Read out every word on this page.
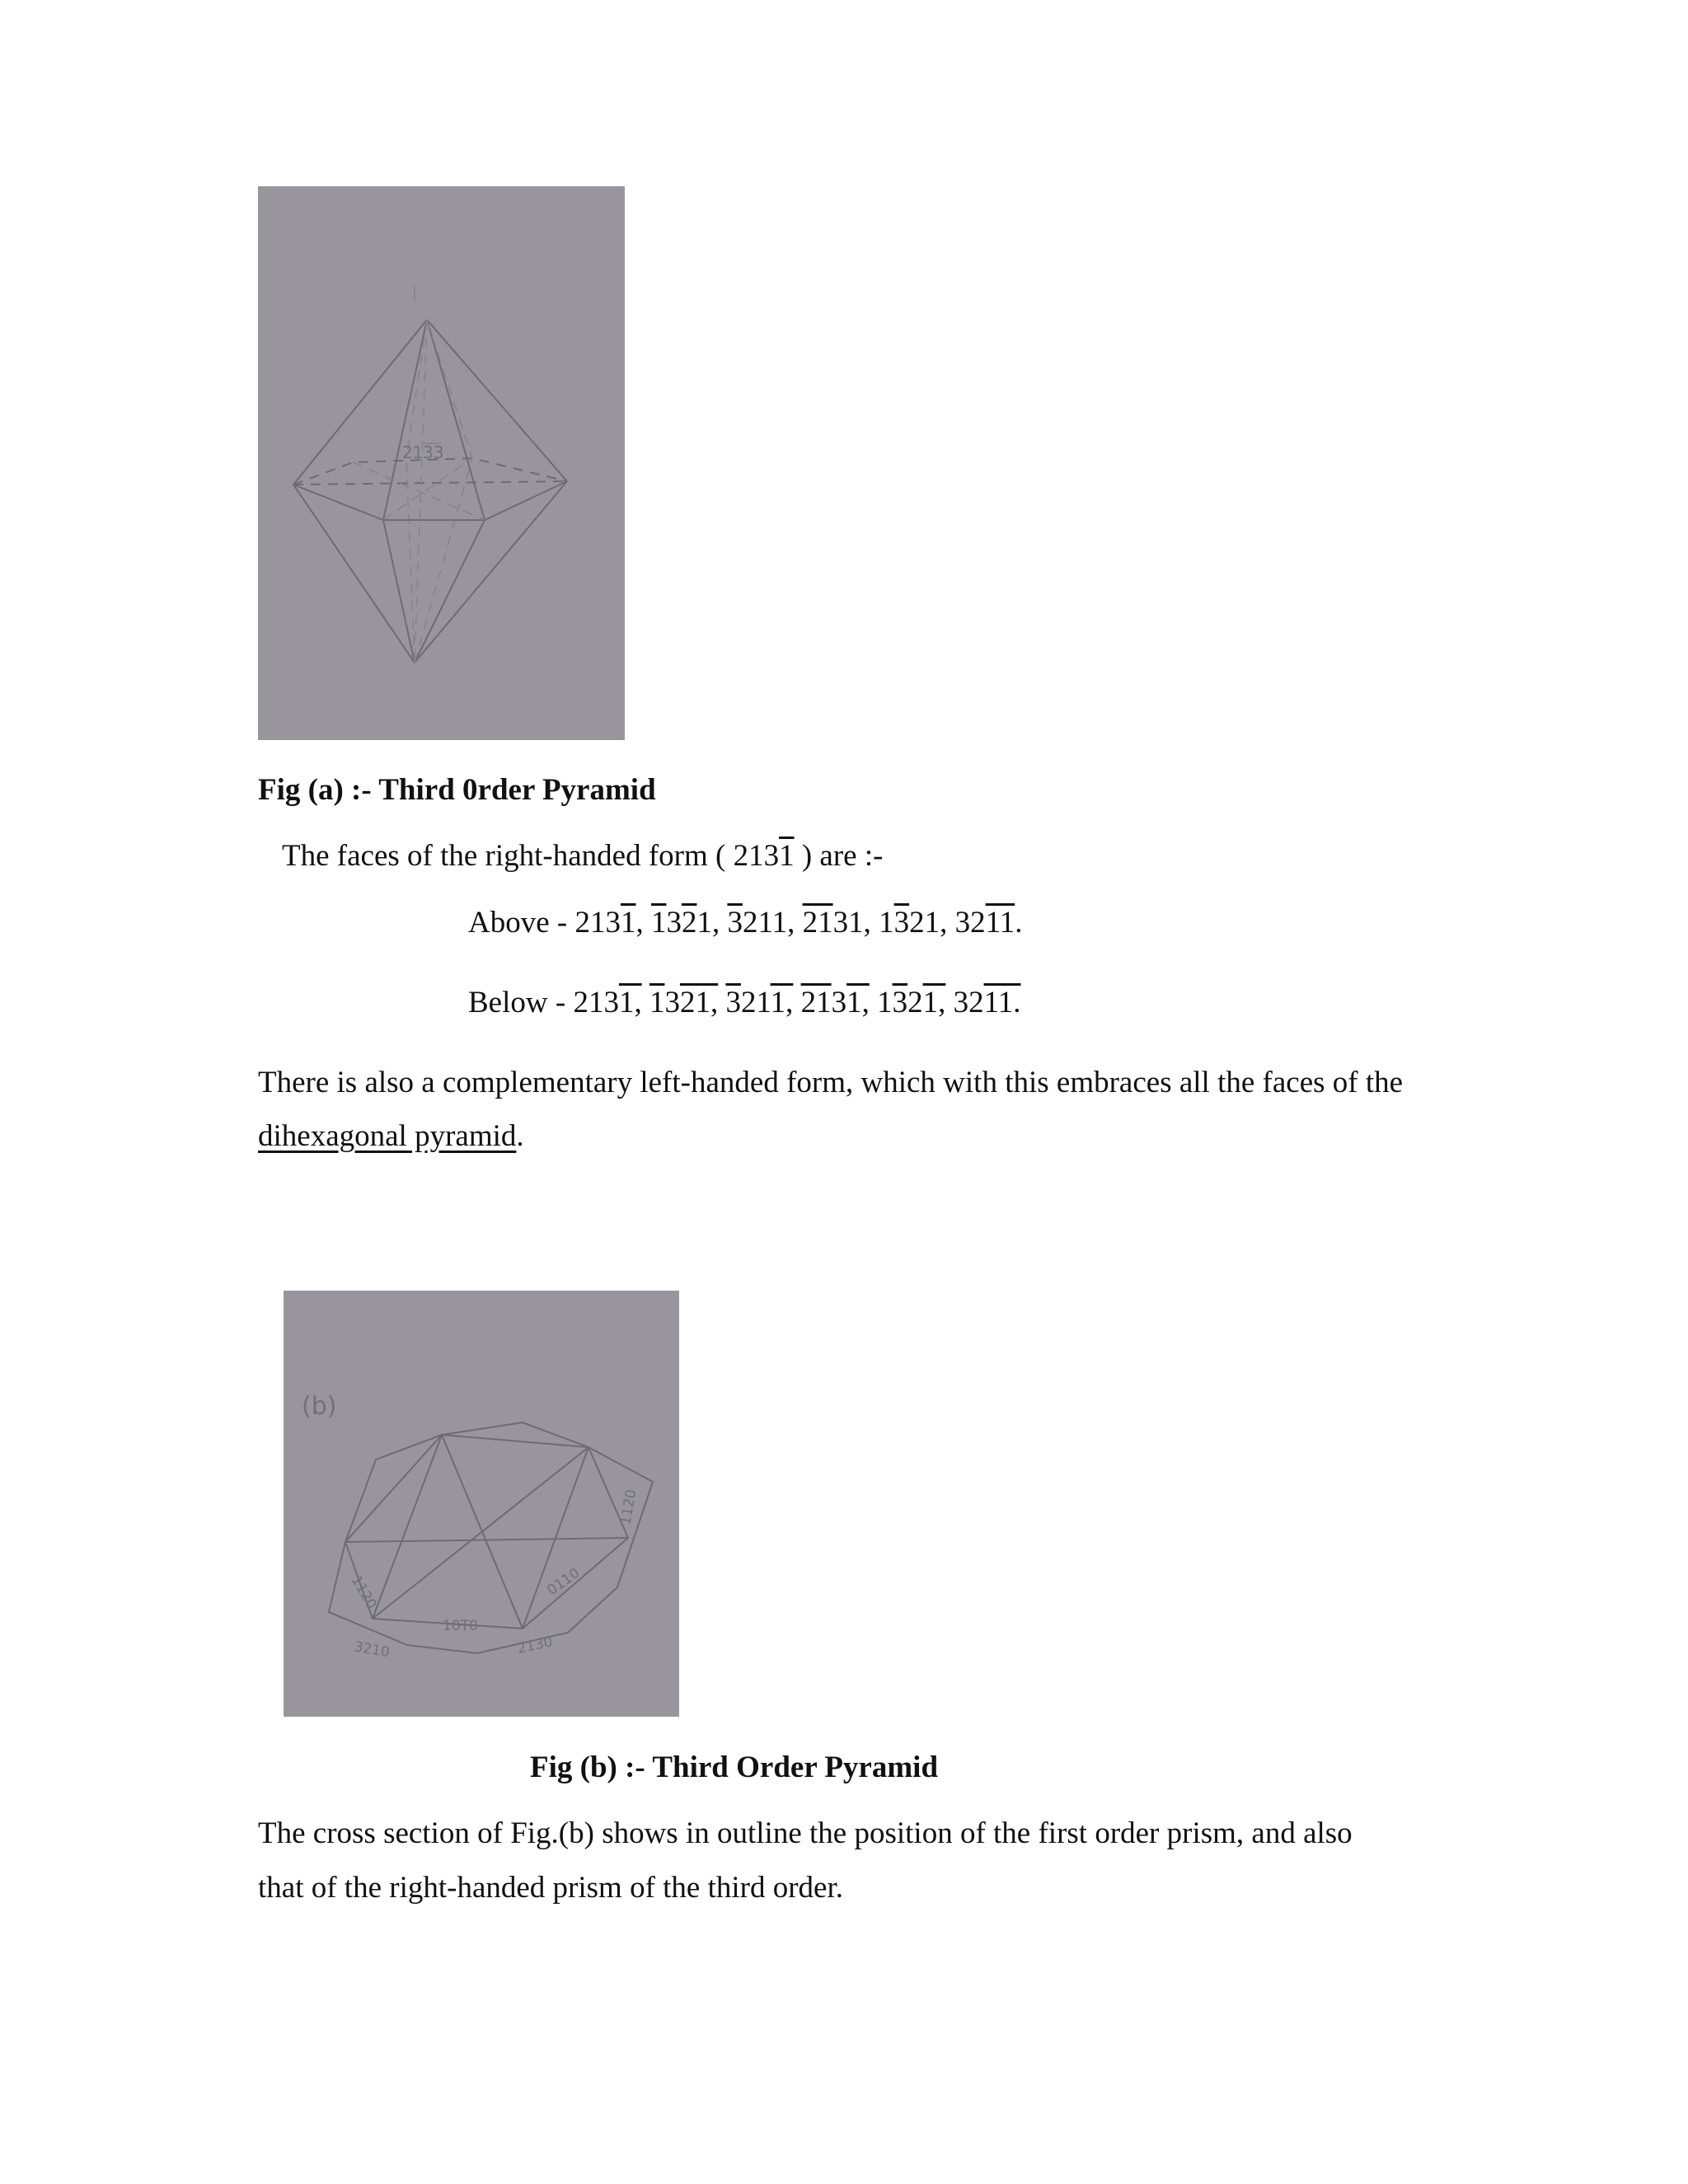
21 33
Fig (a) :- Third 0rder Pyramid
The faces of the right-handed form ( 2131 ) are :-
Above - 2131, 1321, 3211, 2131, 1321, 3211.
Below - 2131, 1321, 3211, 2131, 1321, 3211.
There is also a complementary left-handed form, which with this embraces all the faces of the
dihexagonal pyramid.
(b)
1120
10T0
0110
1120
3210	2130
Fig (b) :- Third Order Pyramid
The cross section of Fig.(b) shows in outline the position of the first order prism, and also
that of the right-handed prism of the third order.
